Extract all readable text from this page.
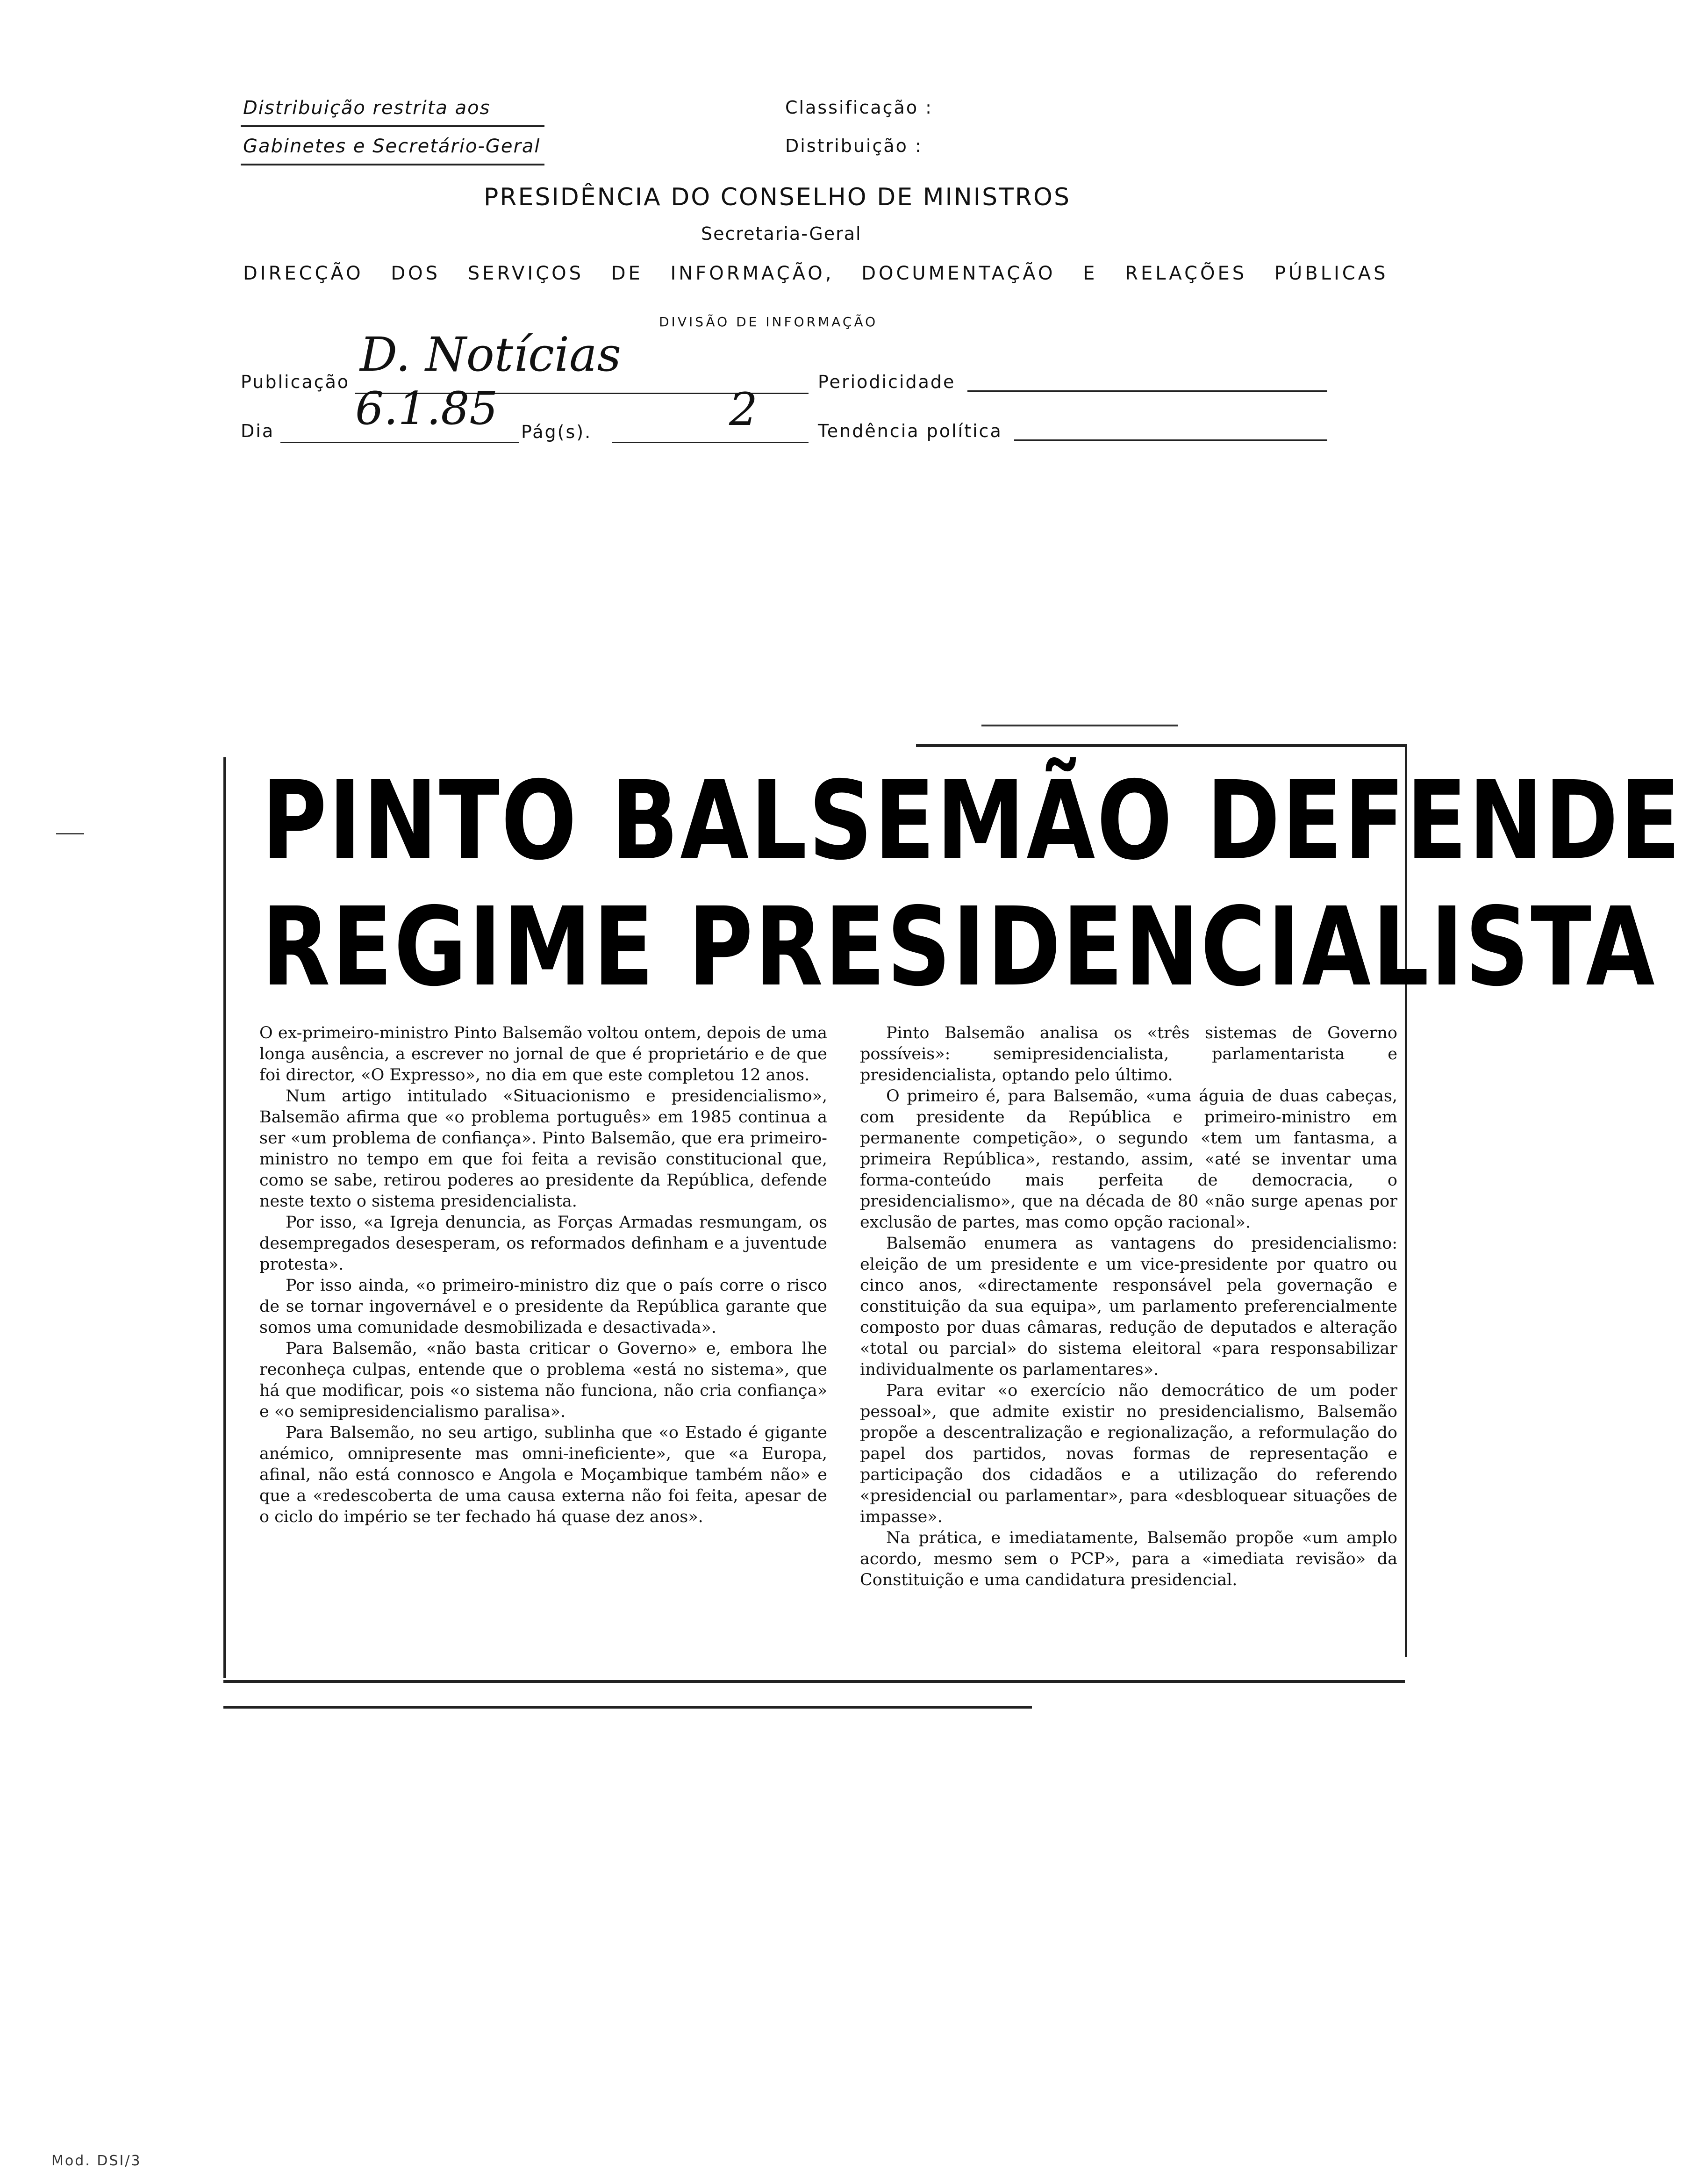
Distribuição restrita aos
Gabinetes e Secretário-Geral
Classificação :
Distribuição :
PRESIDÊNCIA DO CONSELHO DE MINISTROS
Secretaria-Geral
DIRECÇÃO DOS SERVIÇOS DE INFORMAÇÃO, DOCUMENTAÇÃO E RELAÇÕES PÚBLICAS
DIVISÃO DE INFORMAÇÃO
Publicação D. Notícias	Periodicidade
Dia 6.1.85 Pág(s).	2	Tendência política
PINTO BALSEMÃO DEFENDE
REGIME PRESIDENCIALISTA

O ex-primeiro-ministro Pinto Balsemão voltou ontem, depois de uma longa ausência, a escrever no jornal de que é proprietário e de que foi director, «O Expresso», no dia em que este completou 12 anos.

Num artigo intitulado «Situacionismo e presidencialismo», Balsemão afirma que «o problema português» em 1985 continua a ser «um problema de confiança». Pinto Balsemão, que era primeiro-ministro no tempo em que foi feita a revisão constitucional que, como se sabe, retirou poderes ao presidente da República, defende neste texto o sistema presidencialista.

Por isso, «a Igreja denuncia, as Forças Armadas resmungam, os desempregados desesperam, os reformados definham e a juventude protesta».

Por isso ainda, «o primeiro-ministro diz que o país corre o risco de se tornar ingovernável e o presidente da República garante que somos uma comunidade desmobilizada e desactivada».

Para Balsemão, «não basta criticar o Governo» e, embora lhe reconheça culpas, entende que o problema «está no sistema», que há que modificar, pois «o sistema não funciona, não cria confiança» e «o semipresidencialismo paralisa».

Para Balsemão, no seu artigo, sublinha que «o Estado é gigante anémico, omnipresente mas omni-ineficiente», que «a Europa, afinal, não está connosco e Angola e Moçambique também não» e que a «redescoberta de uma causa externa não foi feita, apesar de o ciclo do império se ter fechado há quase dez anos».

Pinto Balsemão analisa os «três sistemas de Governo possíveis»: semipresidencialista, parlamentarista e presidencialista, optando pelo último.

O primeiro é, para Balsemão, «uma águia de duas cabeças, com presidente da República e primeiro-ministro em permanente competição», o segundo «tem um fantasma, a primeira República», restando, assim, «até se inventar uma forma-conteúdo mais perfeita de democracia, o presidencialismo», que na década de 80 «não surge apenas por exclusão de partes, mas como opção racional».

Balsemão enumera as vantagens do presidencialismo: eleição de um presidente e um vice-presidente por quatro ou cinco anos, «directamente responsável pela governação e constituição da sua equipa», um parlamento preferencialmente composto por duas câmaras, redução de deputados e alteração «total ou parcial» do sistema eleitoral «para responsabilizar individualmente os parlamentares».

Para evitar «o exercício não democrático de um poder pessoal», que admite existir no presidencialismo, Balsemão propõe a descentralização e regionalização, a reformulação do papel dos partidos, novas formas de representação e participação dos cidadãos e a utilização do referendo «presidencial ou parlamentar», para «desbloquear situações de impasse».

Na prática, e imediatamente, Balsemão propõe «um amplo acordo, mesmo sem o PCP», para a «imediata revisão» da Constituição e uma candidatura presidencial.

Mod. DSI/3
